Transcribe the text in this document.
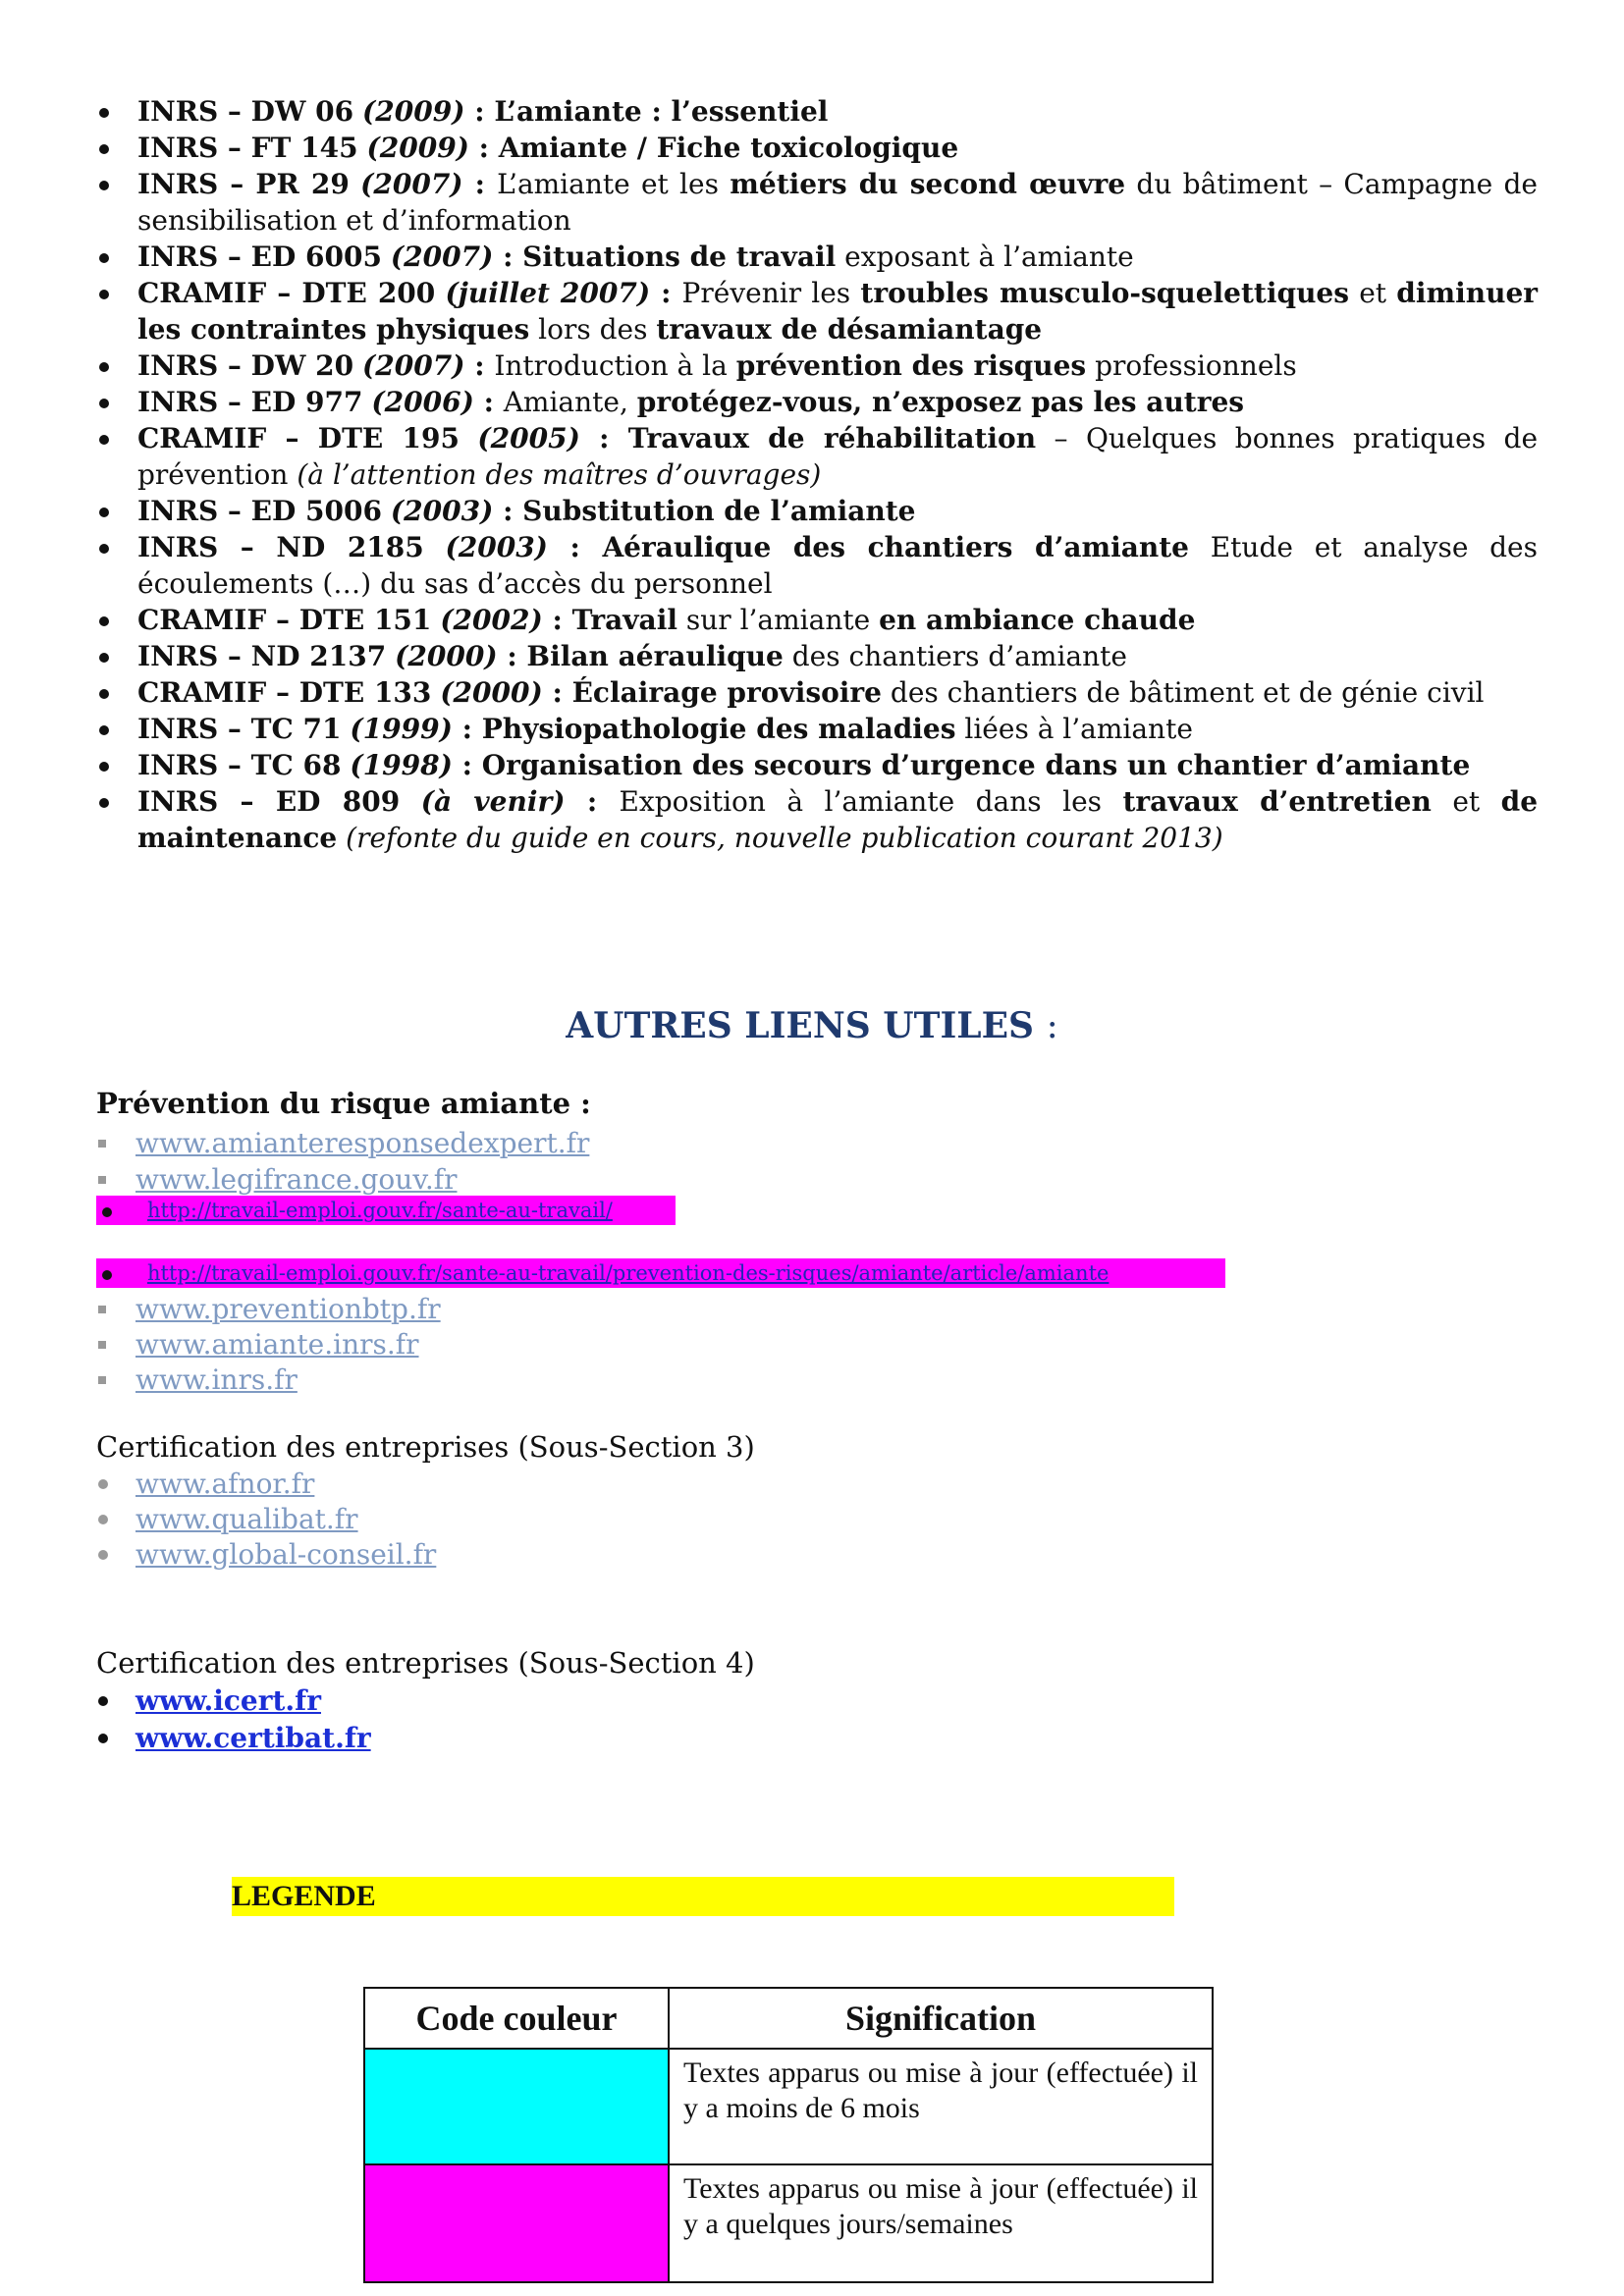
INRS – DW 06 (2009) : L’amiante : l’essentiel
INRS – FT 145 (2009) : Amiante / Fiche toxicologique
INRS – PR 29 (2007) : L’amiante et les métiers du second œuvre du bâtiment – Campagne de sensibilisation et d’information
INRS – ED 6005 (2007) : Situations de travail exposant à l’amiante
CRAMIF – DTE 200 (juillet 2007) : Prévenir les troubles musculo-squelettiques et diminuer les contraintes physiques lors des travaux de désamiantage
INRS – DW 20 (2007) : Introduction à la prévention des risques professionnels
INRS – ED 977 (2006) : Amiante, protégez-vous, n’exposez pas les autres
CRAMIF – DTE 195 (2005) : Travaux de réhabilitation – Quelques bonnes pratiques de prévention (à l’attention des maîtres d’ouvrages)
INRS – ED 5006 (2003) : Substitution de l’amiante
INRS – ND 2185 (2003) : Aéraulique des chantiers d’amiante Etude et analyse des écoulements (…) du sas d’accès du personnel
CRAMIF – DTE 151 (2002) : Travail sur l’amiante en ambiance chaude
INRS – ND 2137 (2000) : Bilan aéraulique des chantiers d’amiante
CRAMIF – DTE 133 (2000) : Éclairage provisoire des chantiers de bâtiment et de génie civil
INRS – TC 71 (1999) : Physiopathologie des maladies liées à l’amiante
INRS – TC 68 (1998) : Organisation des secours d’urgence dans un chantier d’amiante
INRS – ED 809 (à venir) : Exposition à l’amiante dans les travaux d’entretien et de maintenance (refonte du guide en cours, nouvelle publication courant 2013)
AUTRES LIENS UTILES :
Prévention du risque amiante :
www.amianteresponsedexpert.fr
www.legifrance.gouv.fr
http://travail-emploi.gouv.fr/sante-au-travail/
http://travail-emploi.gouv.fr/sante-au-travail/prevention-des-risques/amiante/article/amiante
www.preventionbtp.fr
www.amiante.inrs.fr
www.inrs.fr
Certification des entreprises (Sous-Section 3)
www.afnor.fr
www.qualibat.fr
www.global-conseil.fr
Certification des entreprises (Sous-Section 4)
www.icert.fr
www.certibat.fr
LEGENDE
Code couleur	Signification
	Textes apparus ou mise à jour (effectuée) il y a moins de 6 mois
	Textes apparus ou mise à jour (effectuée) il y a quelques jours/semaines
